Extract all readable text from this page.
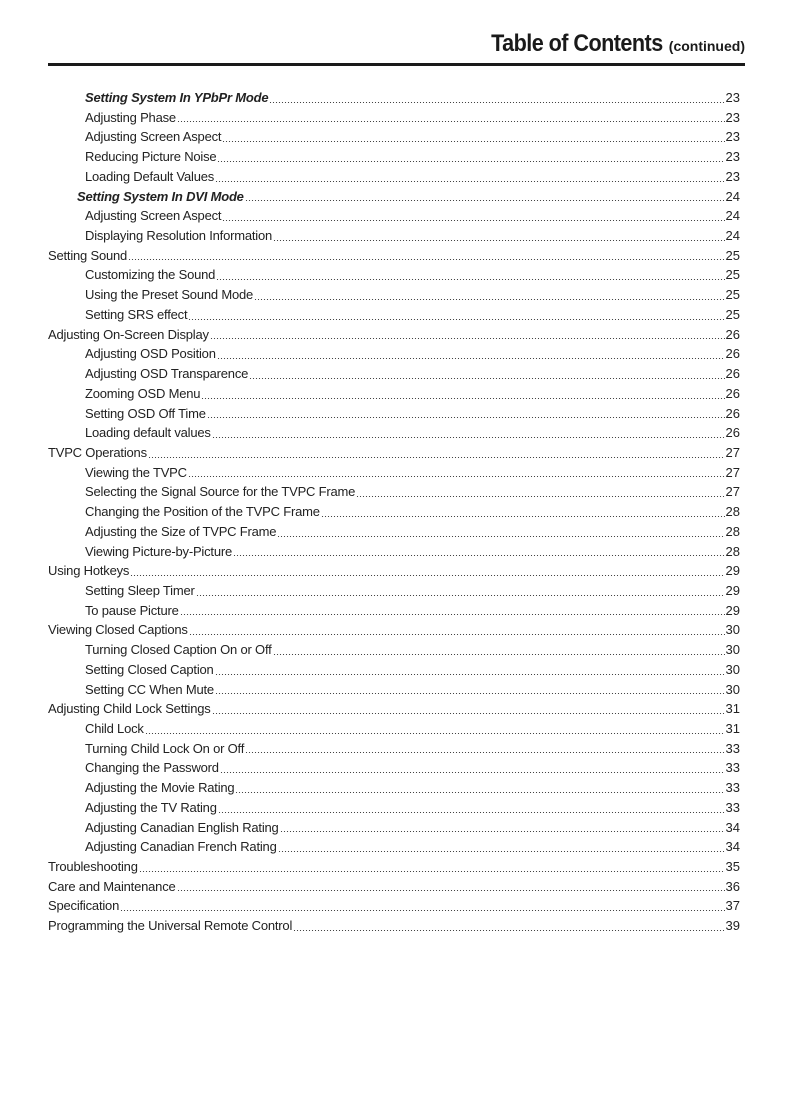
Table of Contents (continued)
Setting System In YPbPr Mode	23
Adjusting Phase	23
Adjusting Screen Aspect	23
Reducing Picture Noise	23
Loading Default Values	23
Setting System In DVI Mode	24
Adjusting Screen Aspect	24
Displaying Resolution Information	24
Setting Sound	25
Customizing the Sound	25
Using the Preset Sound Mode	25
Setting SRS effect	25
Adjusting On-Screen Display	26
Adjusting OSD Position	26
Adjusting OSD Transparence	26
Zooming OSD Menu	26
Setting OSD Off Time	26
Loading default values	26
TVPC Operations	27
Viewing the TVPC	27
Selecting the Signal Source for the TVPC Frame	27
Changing the Position of the TVPC Frame	28
Adjusting the Size of TVPC Frame	28
Viewing Picture-by-Picture	28
Using Hotkeys	29
Setting Sleep Timer	29
To pause Picture	29
Viewing Closed Captions	30
Turning Closed Caption On or Off	30
Setting Closed Caption	30
Setting CC When Mute	30
Adjusting Child Lock Settings	31
Child Lock	31
Turning Child Lock On or Off	33
Changing the Password	33
Adjusting the Movie Rating	33
Adjusting the TV Rating	33
Adjusting Canadian English Rating	34
Adjusting Canadian French Rating	34
Troubleshooting	35
Care and Maintenance	36
Specification	37
Programming the Universal Remote Control	39
